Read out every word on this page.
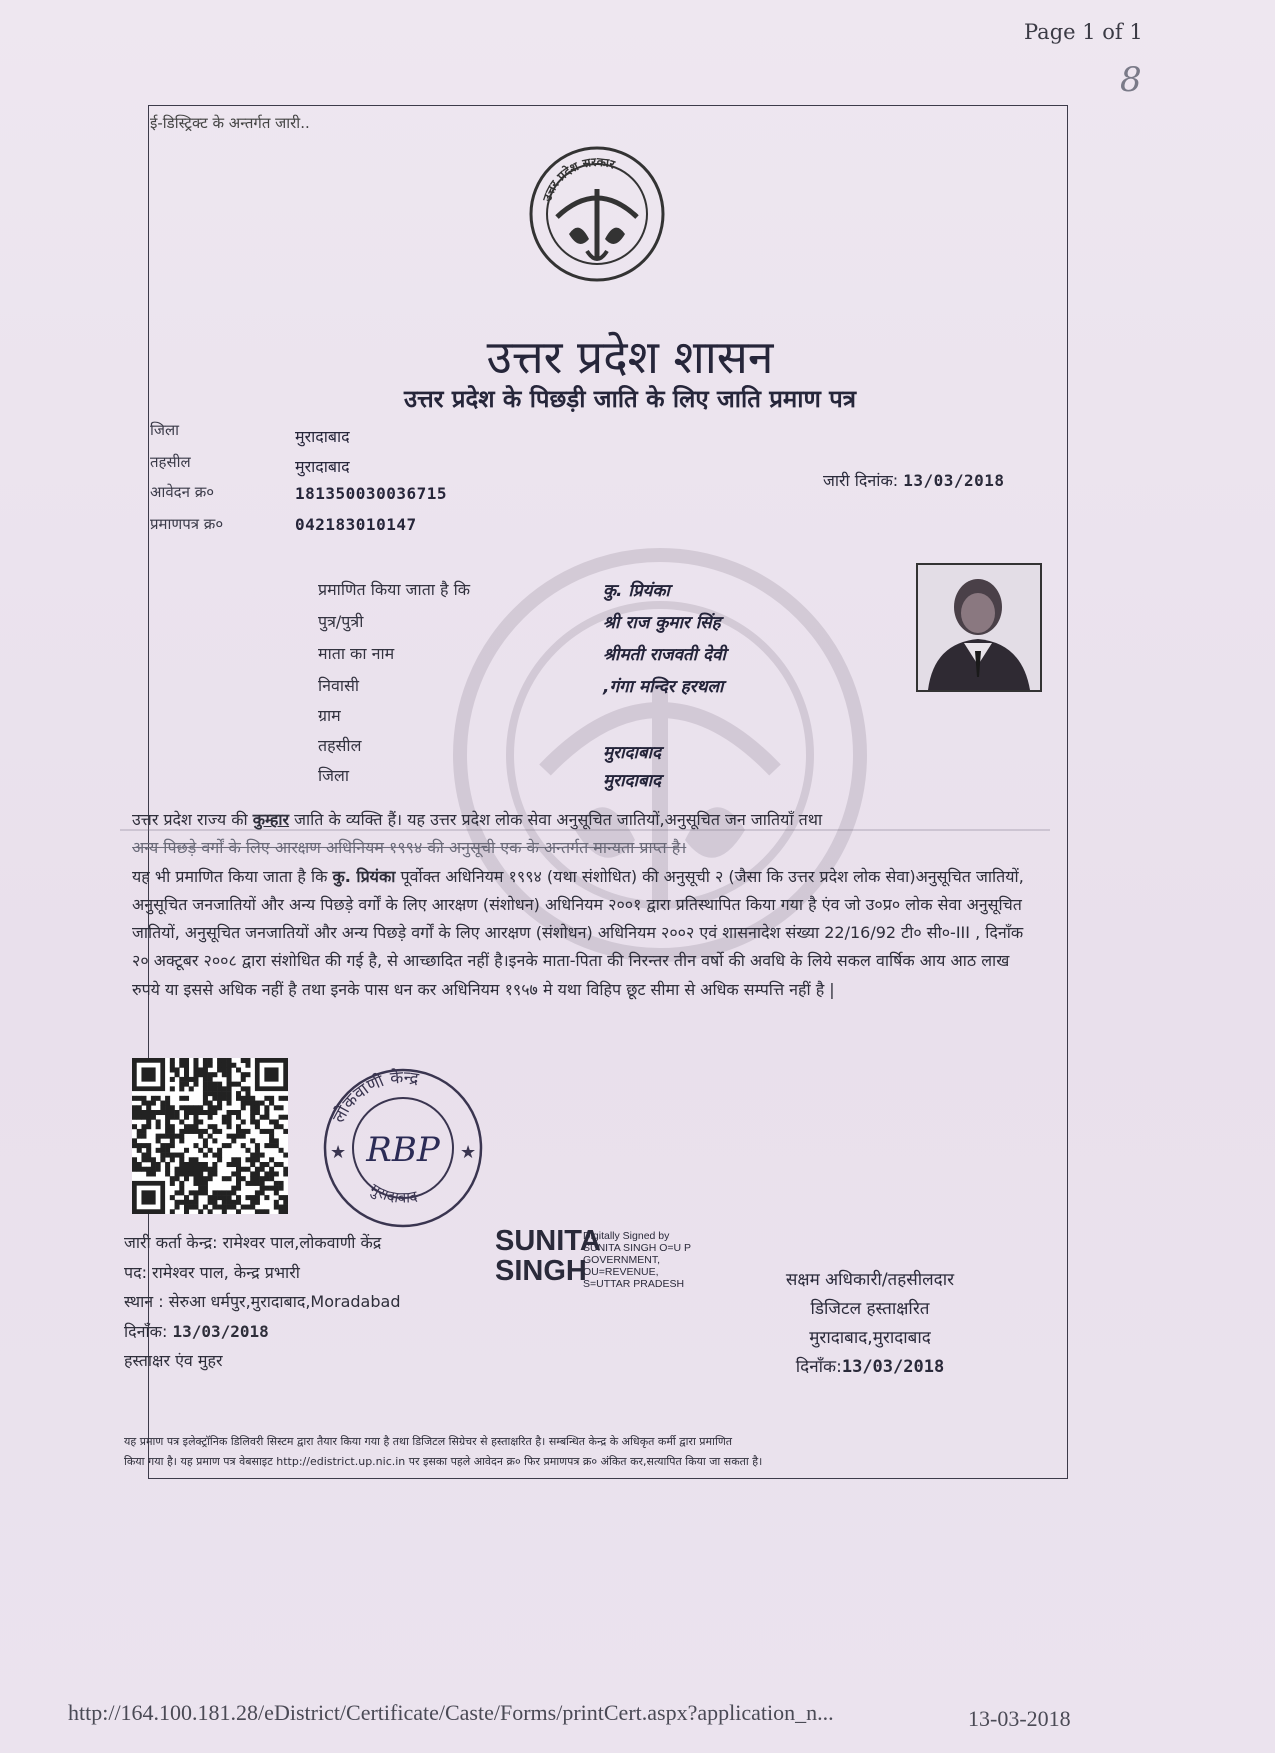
Page 1 of 1
8
ई-डिस्ट्रिक्ट के अन्तर्गत जारी..
उत्तर प्रदेश सरकार
उत्तर प्रदेश शासन
उत्तर प्रदेश के पिछड़ी जाति के लिए जाति प्रमाण पत्र
जिला	मुरादाबाद
तहसील	मुरादाबाद
आवेदन क्र०	181350030036715
प्रमाणपत्र क्र०	042183010147
जारी दिनांक: 13/03/2018
प्रमाणित किया जाता है कि	कु. प्रियंका
पुत्र/पुत्री	श्री राज कुमार सिंह
माता का नाम	श्रीमती राजवती देवी
निवासी	,गंगा मन्दिर हरथला
ग्राम
तहसील	मुरादाबाद
जिला	मुरादाबाद
उत्तर प्रदेश राज्य की कुम्हार जाति के व्यक्ति हैं। यह उत्तर प्रदेश लोक सेवा अनुसूचित जातियों,अनुसूचित जन जातियाँ तथा
अन्य पिछड़े वर्गों के लिए आरक्षण अधिनियम १९९४ की अनुसूची एक के अन्तर्गत मान्यता प्राप्त है।
यह भी प्रमाणित किया जाता है कि कु. प्रियंका पूर्वोक्त अधिनियम १९९४ (यथा संशोधित) की अनुसूची २ (जैसा कि उत्तर प्रदेश लोक सेवा)अनुसूचित जातियों, अनुसूचित जनजातियों और अन्य पिछड़े वर्गों के लिए आरक्षण (संशोधन) अधिनियम २००१ द्वारा प्रतिस्थापित किया गया है एंव जो उ०प्र० लोक सेवा अनुसूचित जातियों, अनुसूचित जनजातियों और अन्य पिछड़े वर्गों के लिए आरक्षण (संशोधन) अधिनियम २००२ एवं शासनादेश संख्या 22/16/92 टी० सी०-III , दिनाँक २० अक्टूबर २००८ द्वारा संशोधित की गई है, से आच्छादित नहीं है।इनके माता-पिता की निरन्तर तीन वर्षो की अवधि के लिये सकल वार्षिक आय आठ लाख रुपये या इससे अधिक नहीं है तथा इनके पास धन कर अधिनियम १९५७ मे यथा विहिप छूट सीमा से अधिक सम्पत्ति नहीं है |
लोकवाणी केन्द्र
मुरादाबाद
★	★
RBP
जारी कर्ता केन्द्र: रामेश्वर पाल,लोकवाणी केंद्र
पद: रामेश्वर पाल, केन्द्र प्रभारी
स्थान : सेरुआ धर्मपुर,मुरादाबाद,Moradabad
दिनाँक: 13/03/2018
हस्ताक्षर एंव मुहर
SUNITA
SINGH
Digitally Signed by
SUNITA SINGH O=U P
GOVERNMENT,
OU=REVENUE,
S=UTTAR PRADESH	सक्षम अधिकारी/तहसीलदार
डिजिटल हस्ताक्षरित
मुरादाबाद,मुरादाबाद
दिनाँक:13/03/2018
यह प्रमाण पत्र इलेक्ट्रॉनिक डिलिवरी सिस्टम द्वारा तैयार किया गया है तथा डिजिटल सिग्रेचर से हस्ताक्षरित है। सम्बन्धित केन्द्र के अधिकृत कर्मी द्वारा प्रमाणित
किया गया है। यह प्रमाण पत्र वेबसाइट http://edistrict.up.nic.in पर इसका पहले आवेदन क्र० फिर प्रमाणपत्र क्र० अंकित कर,सत्यापित किया जा सकता है।
http://164.100.181.28/eDistrict/Certificate/Caste/Forms/printCert.aspx?application_n...	13-03-2018
